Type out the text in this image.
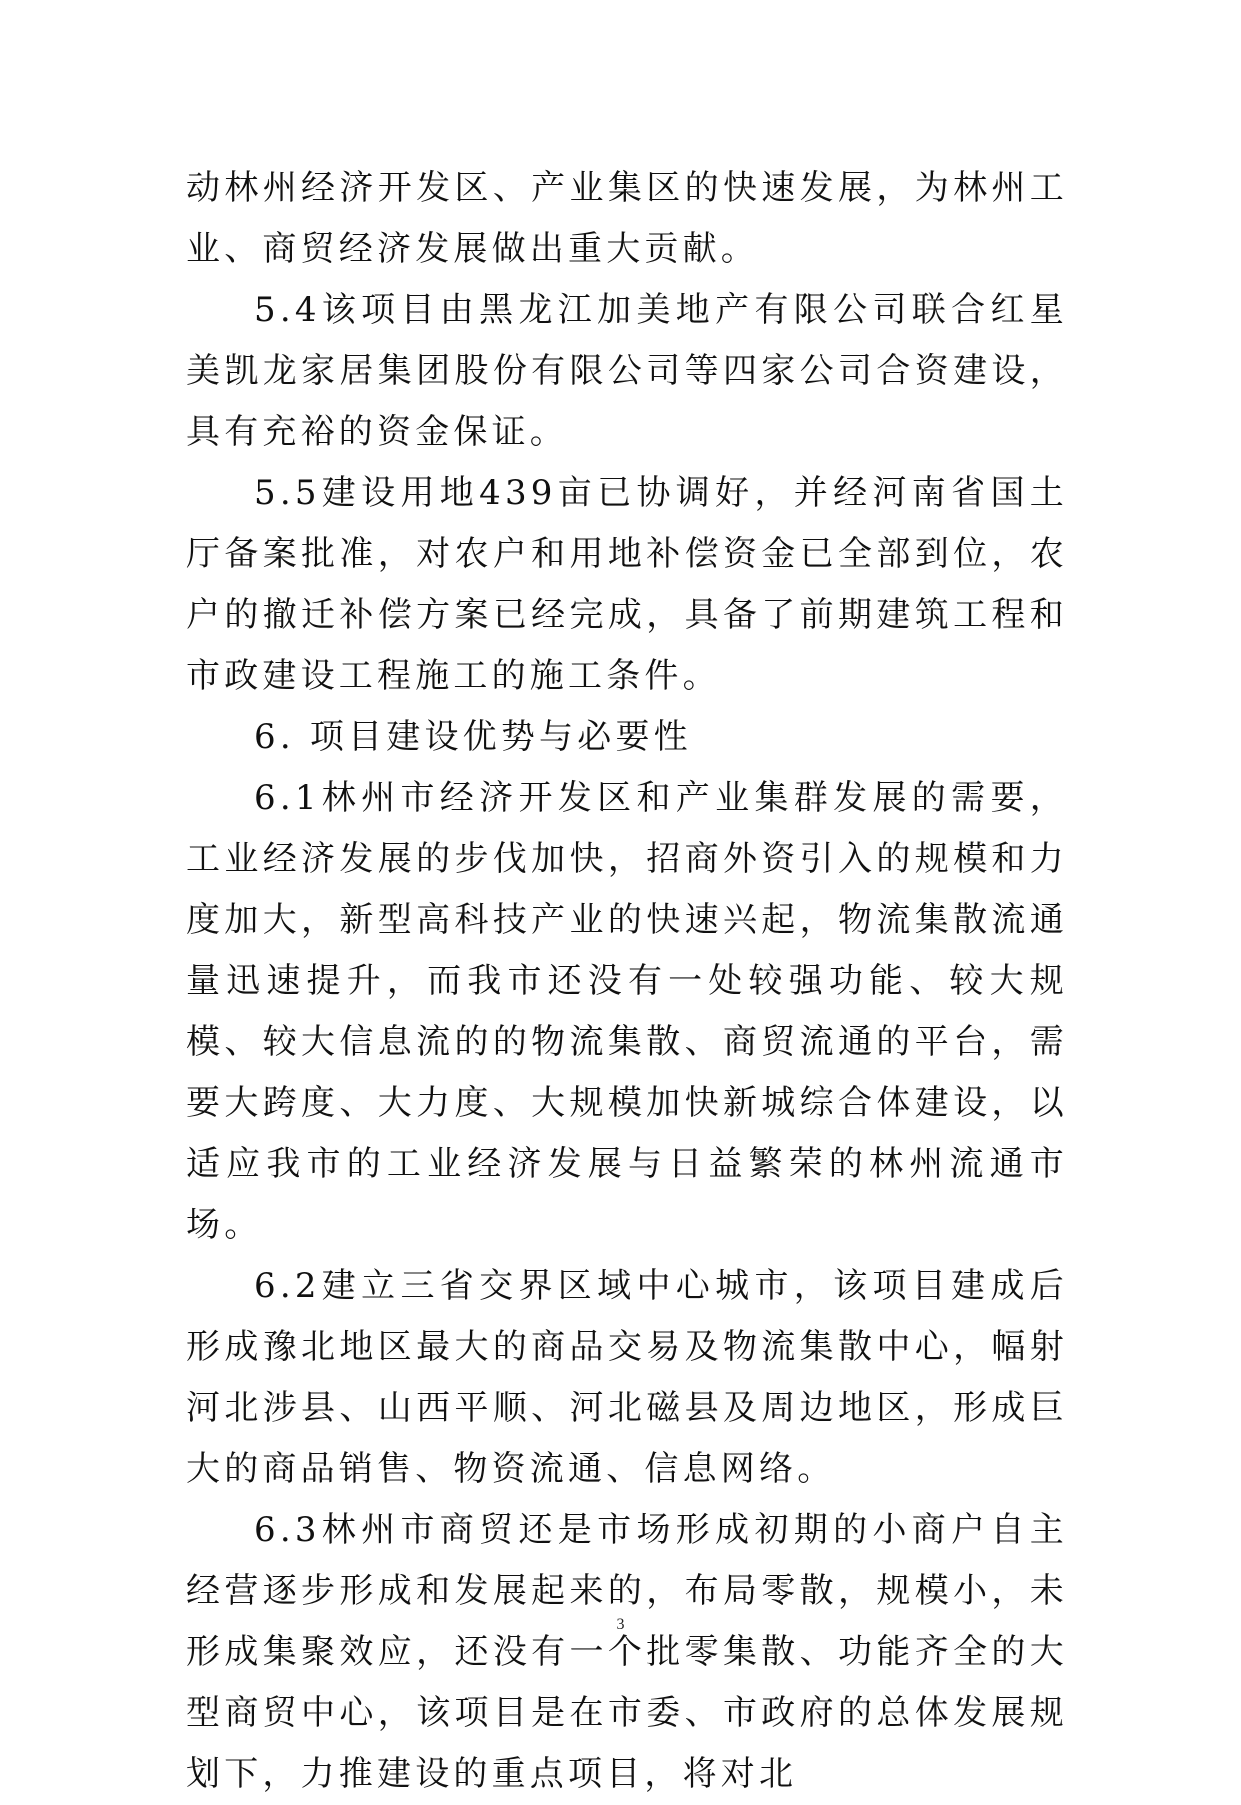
动林州经济开发区、产业集区的快速发展，为林州工业、商贸经济发展做出重大贡献。

5.4该项目由黑龙江加美地产有限公司联合红星美凯龙家居集团股份有限公司等四家公司合资建设，具有充裕的资金保证。

5.5建设用地439亩已协调好，并经河南省国土厅备案批准，对农户和用地补偿资金已全部到位，农户的撤迁补偿方案已经完成，具备了前期建筑工程和市政建设工程施工的施工条件。

6. 项目建设优势与必要性

6.1林州市经济开发区和产业集群发展的需要，工业经济发展的步伐加快，招商外资引入的规模和力度加大，新型高科技产业的快速兴起，物流集散流通量迅速提升，而我市还没有一处较强功能、较大规模、较大信息流的的物流集散、商贸流通的平台，需要大跨度、大力度、大规模加快新城综合体建设，以适应我市的工业经济发展与日益繁荣的林州流通市场。

6.2建立三省交界区域中心城市，该项目建成后形成豫北地区最大的商品交易及物流集散中心，幅射河北涉县、山西平顺、河北磁县及周边地区，形成巨大的商品销售、物资流通、信息网络。

6.3林州市商贸还是市场形成初期的小商户自主经营逐步形成和发展起来的，布局零散，规模小，未形成集聚效应，还没有一个批零集散、功能齐全的大型商贸中心，该项目是在市委、市政府的总体发展规划下，力推建设的重点项目，将对北

3
